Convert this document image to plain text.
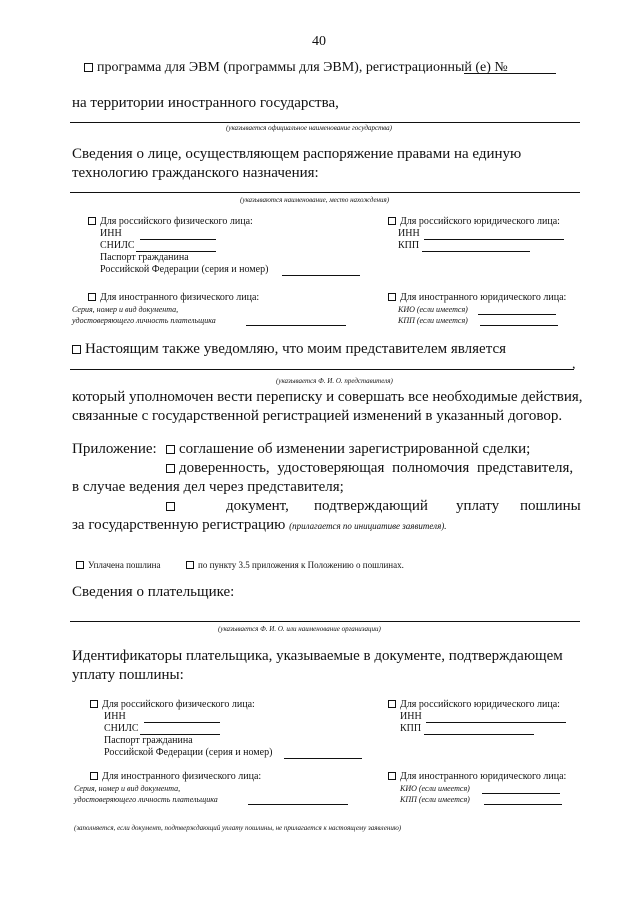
40
программа для ЭВМ (программы для ЭВМ), регистрационный (е) №
на территории иностранного государства,
(указывается официальное наименование государства)
Сведения о лице, осуществляющем распоряжение правами на единую
технологию гражданского назначения:
(указываются наименование, место нахождения)
Для российского физического лица:
ИНН
СНИЛС
Паспорт гражданина
Российской Федерации (серия и номер)
Для российского юридического лица:
ИНН
КПП
Для иностранного физического лица:
Серия, номер и вид документа,
удостоверяющего личность плательщика
Для иностранного юридического лица:
КИО (если имеется)
КПП (если имеется)
Настоящим также уведомляю, что моим представителем является
,
(указывается Ф. И. О. представителя)
который уполномочен вести переписку и совершать все необходимые действия,
связанные с государственной регистрацией изменений в указанный договор.
Приложение:	соглашение об изменении зарегистрированной сделки;
доверенность, удостоверяющая полномочия представителя,
в случае ведения дел через представителя;
документ, подтверждающий уплату пошлины
за государственную регистрацию (прилагается по инициативе заявителя).
Уплачена пошлина	по пункту 3.5 приложения к Положению о пошлинах.
Сведения о плательщике:
(указывается Ф. И. О. или наименование организации)
Идентификаторы плательщика, указываемые в документе, подтверждающем
уплату пошлины:
Для российского физического лица:
ИНН
СНИЛС
Паспорт гражданина
Российской Федерации (серия и номер)
Для российского юридического лица:
ИНН
КПП
Для иностранного физического лица:
Серия, номер и вид документа,
удостоверяющего личность плательщика
Для иностранного юридического лица:
КИО (если имеется)
КПП (если имеется)
(заполняется, если документ, подтверждающий уплату пошлины, не прилагается к настоящему заявлению)
